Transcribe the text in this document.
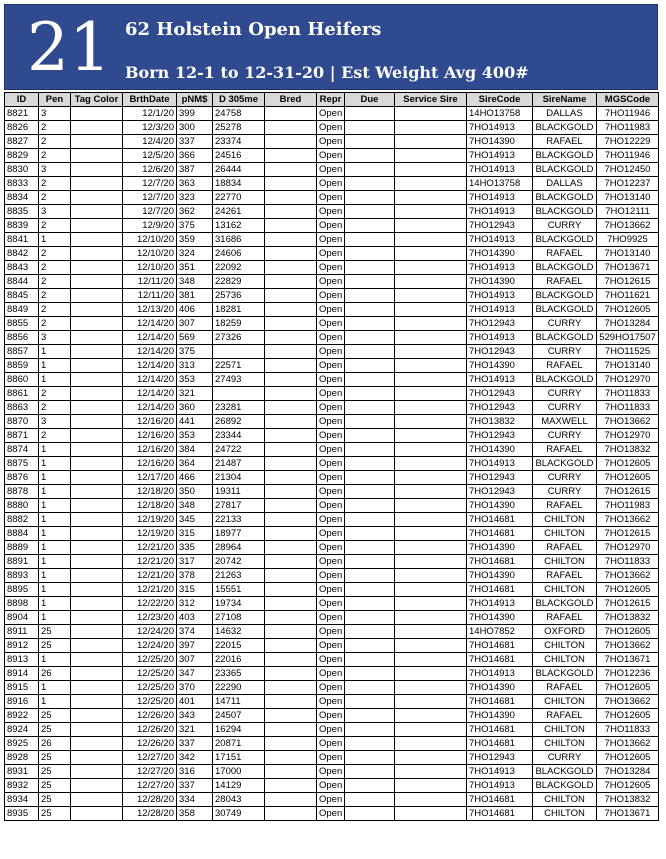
21 62 Holstein Open Heifers
Born 12-1 to 12-31-20 | Est Weight Avg 400#
ID	Pen	Tag Color	BrthDate	pNM$	D 305me	Bred	Repr	Due	Service Sire	SireCode	SireName	MGSCode
8821	3		12/1/20	399	24758		Open			14HO13758	DALLAS	7HO11946
8826	2		12/3/20	300	25278		Open			7HO14913	BLACKGOLD	7HO11983
8827	2		12/4/20	337	23374		Open			7HO14390	RAFAEL	7HO12229
8829	2		12/5/20	366	24516		Open			7HO14913	BLACKGOLD	7HO11946
8830	3		12/6/20	387	26444		Open			7HO14913	BLACKGOLD	7HO12450
8833	2		12/7/20	363	18834		Open			14HO13758	DALLAS	7HO12237
8834	2		12/7/20	323	22770		Open			7HO14913	BLACKGOLD	7HO13140
8835	3		12/7/20	362	24261		Open			7HO14913	BLACKGOLD	7HO12111
8839	2		12/9/20	375	13162		Open			7HO12943	CURRY	7HO13662
8841	1		12/10/20	359	31686		Open			7HO14913	BLACKGOLD	7HO9925
8842	2		12/10/20	324	24606		Open			7HO14390	RAFAEL	7HO13140
8843	2		12/10/20	351	22092		Open			7HO14913	BLACKGOLD	7HO13671
8844	2		12/11/20	348	22829		Open			7HO14390	RAFAEL	7HO12615
8845	2		12/11/20	381	25736		Open			7HO14913	BLACKGOLD	7HO11621
8849	2		12/13/20	406	18281		Open			7HO14913	BLACKGOLD	7HO12605
8855	2		12/14/20	307	18259		Open			7HO12943	CURRY	7HO13284
8856	3		12/14/20	569	27326		Open			7HO14913	BLACKGOLD	529HO17507
8857	1		12/14/20	375			Open			7HO12943	CURRY	7HO11525
8859	1		12/14/20	313	22571		Open			7HO14390	RAFAEL	7HO13140
8860	1		12/14/20	353	27493		Open			7HO14913	BLACKGOLD	7HO12970
8861	2		12/14/20	321			Open			7HO12943	CURRY	7HO11833
8863	2		12/14/20	360	23281		Open			7HO12943	CURRY	7HO11833
8870	3		12/16/20	441	26892		Open			7HO13832	MAXWELL	7HO13662
8871	2		12/16/20	353	23344		Open			7HO12943	CURRY	7HO12970
8874	1		12/16/20	384	24722		Open			7HO14390	RAFAEL	7HO13832
8875	1		12/16/20	364	21487		Open			7HO14913	BLACKGOLD	7HO12605
8876	1		12/17/20	466	21304		Open			7HO12943	CURRY	7HO12605
8878	1		12/18/20	350	19311		Open			7HO12943	CURRY	7HO12615
8880	1		12/18/20	348	27817		Open			7HO14390	RAFAEL	7HO11983
8882	1		12/19/20	345	22133		Open			7HO14681	CHILTON	7HO13662
8884	1		12/19/20	315	18977		Open			7HO14681	CHILTON	7HO12615
8889	1		12/21/20	335	28964		Open			7HO14390	RAFAEL	7HO12970
8891	1		12/21/20	317	20742		Open			7HO14681	CHILTON	7HO11833
8893	1		12/21/20	378	21263		Open			7HO14390	RAFAEL	7HO13662
8895	1		12/21/20	315	15551		Open			7HO14681	CHILTON	7HO12605
8898	1		12/22/20	312	19734		Open			7HO14913	BLACKGOLD	7HO12615
8904	1		12/23/20	403	27108		Open			7HO14390	RAFAEL	7HO13832
8911	25		12/24/20	374	14632		Open			14HO7852	OXFORD	7HO12605
8912	25		12/24/20	397	22015		Open			7HO14681	CHILTON	7HO13662
8913	1		12/25/20	307	22016		Open			7HO14681	CHILTON	7HO13671
8914	26		12/25/20	347	23365		Open			7HO14913	BLACKGOLD	7HO12236
8915	1		12/25/20	370	22290		Open			7HO14390	RAFAEL	7HO12605
8916	1		12/25/20	401	14711		Open			7HO14681	CHILTON	7HO13662
8922	25		12/26/20	343	24507		Open			7HO14390	RAFAEL	7HO12605
8924	25		12/26/20	321	16294		Open			7HO14681	CHILTON	7HO11833
8925	26		12/26/20	337	20871		Open			7HO14681	CHILTON	7HO13662
8928	25		12/27/20	342	17151		Open			7HO12943	CURRY	7HO12605
8931	25		12/27/20	316	17000		Open			7HO14913	BLACKGOLD	7HO13284
8932	25		12/27/20	337	14129		Open			7HO14913	BLACKGOLD	7HO12605
8934	25		12/28/20	334	28043		Open			7HO14681	CHILTON	7HO13832
8935	25		12/28/20	358	30749		Open			7HO14681	CHILTON	7HO13671
